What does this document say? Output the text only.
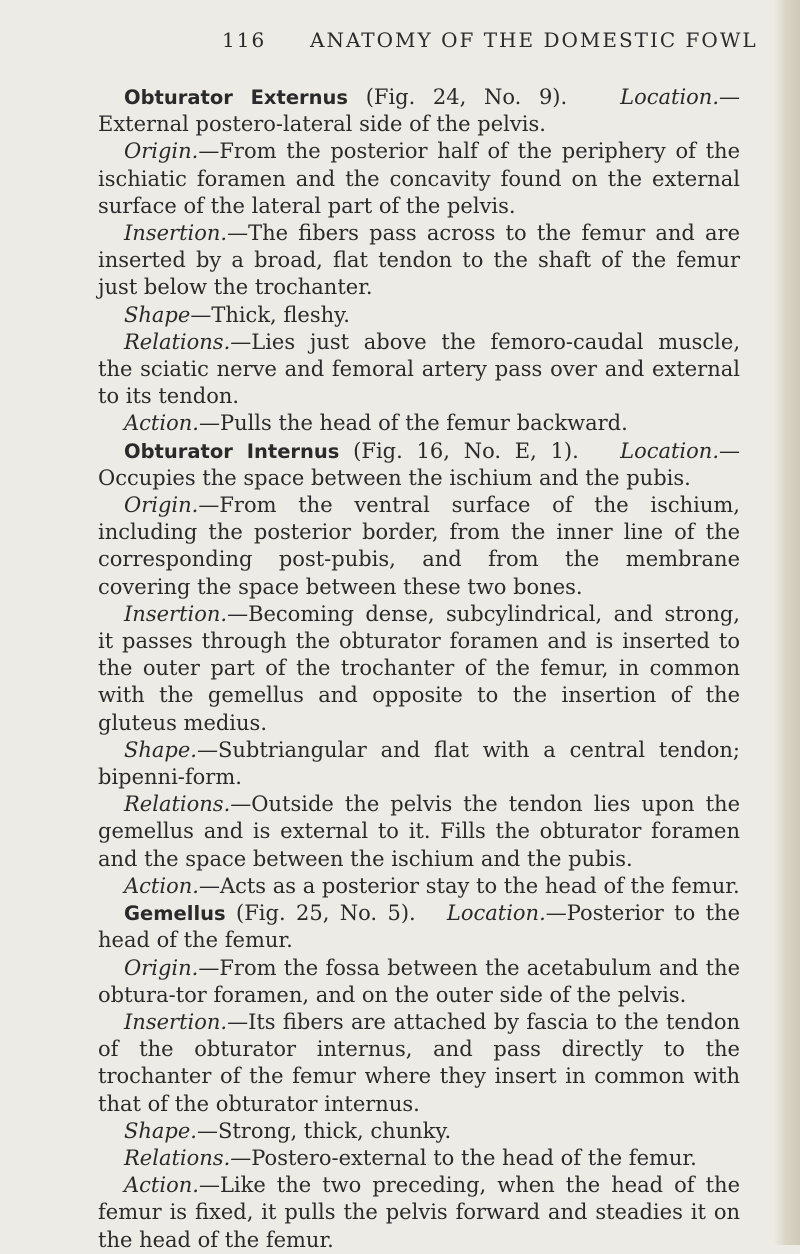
116 ANATOMY OF THE DOMESTIC FOWL

Obturator Externus (Fig. 24, No. 9).	Location.—External postero-lateral side of the pelvis.

Origin.—From the posterior half of the periphery of the ischiatic foramen and the concavity found on the external surface of the lateral part of the pelvis.

Insertion.—The fibers pass across to the femur and are inserted by a broad, flat tendon to the shaft of the femur just below the trochanter.

Shape—Thick, fleshy.

Relations.—Lies just above the femoro-caudal muscle, the sciatic nerve and femoral artery pass over and external to its tendon.

Action.—Pulls the head of the femur backward.

Obturator Internus (Fig. 16, No. E, 1). Location.—Occupies the space between the ischium and the pubis.

Origin.—From the ventral surface of the ischium, including the posterior border, from the inner line of the corresponding post-pubis, and from the membrane covering the space between these two bones.

Insertion.—Becoming dense, subcylindrical, and strong, it passes through the obturator foramen and is inserted to the outer part of the trochanter of the femur, in common with the gemellus and opposite to the insertion of the gluteus medius.

Shape.—Subtriangular and flat with a central tendon; bipenni-form.

Relations.—Outside the pelvis the tendon lies upon the gemellus and is external to it. Fills the obturator foramen and the space between the ischium and the pubis.

Action.—Acts as a posterior stay to the head of the femur.

Gemellus (Fig. 25, No. 5). Location.—Posterior to the head of the femur.

Origin.—From the fossa between the acetabulum and the obtura-tor foramen, and on the outer side of the pelvis.

Insertion.—Its fibers are attached by fascia to the tendon of the obturator internus, and pass directly to the trochanter of the femur where they insert in common with that of the obturator internus.

Shape.—Strong, thick, chunky.

Relations.—Postero-external to the head of the femur.

Action.—Like the two preceding, when the head of the femur is fixed, it pulls the pelvis forward and steadies it on the head of the femur.
